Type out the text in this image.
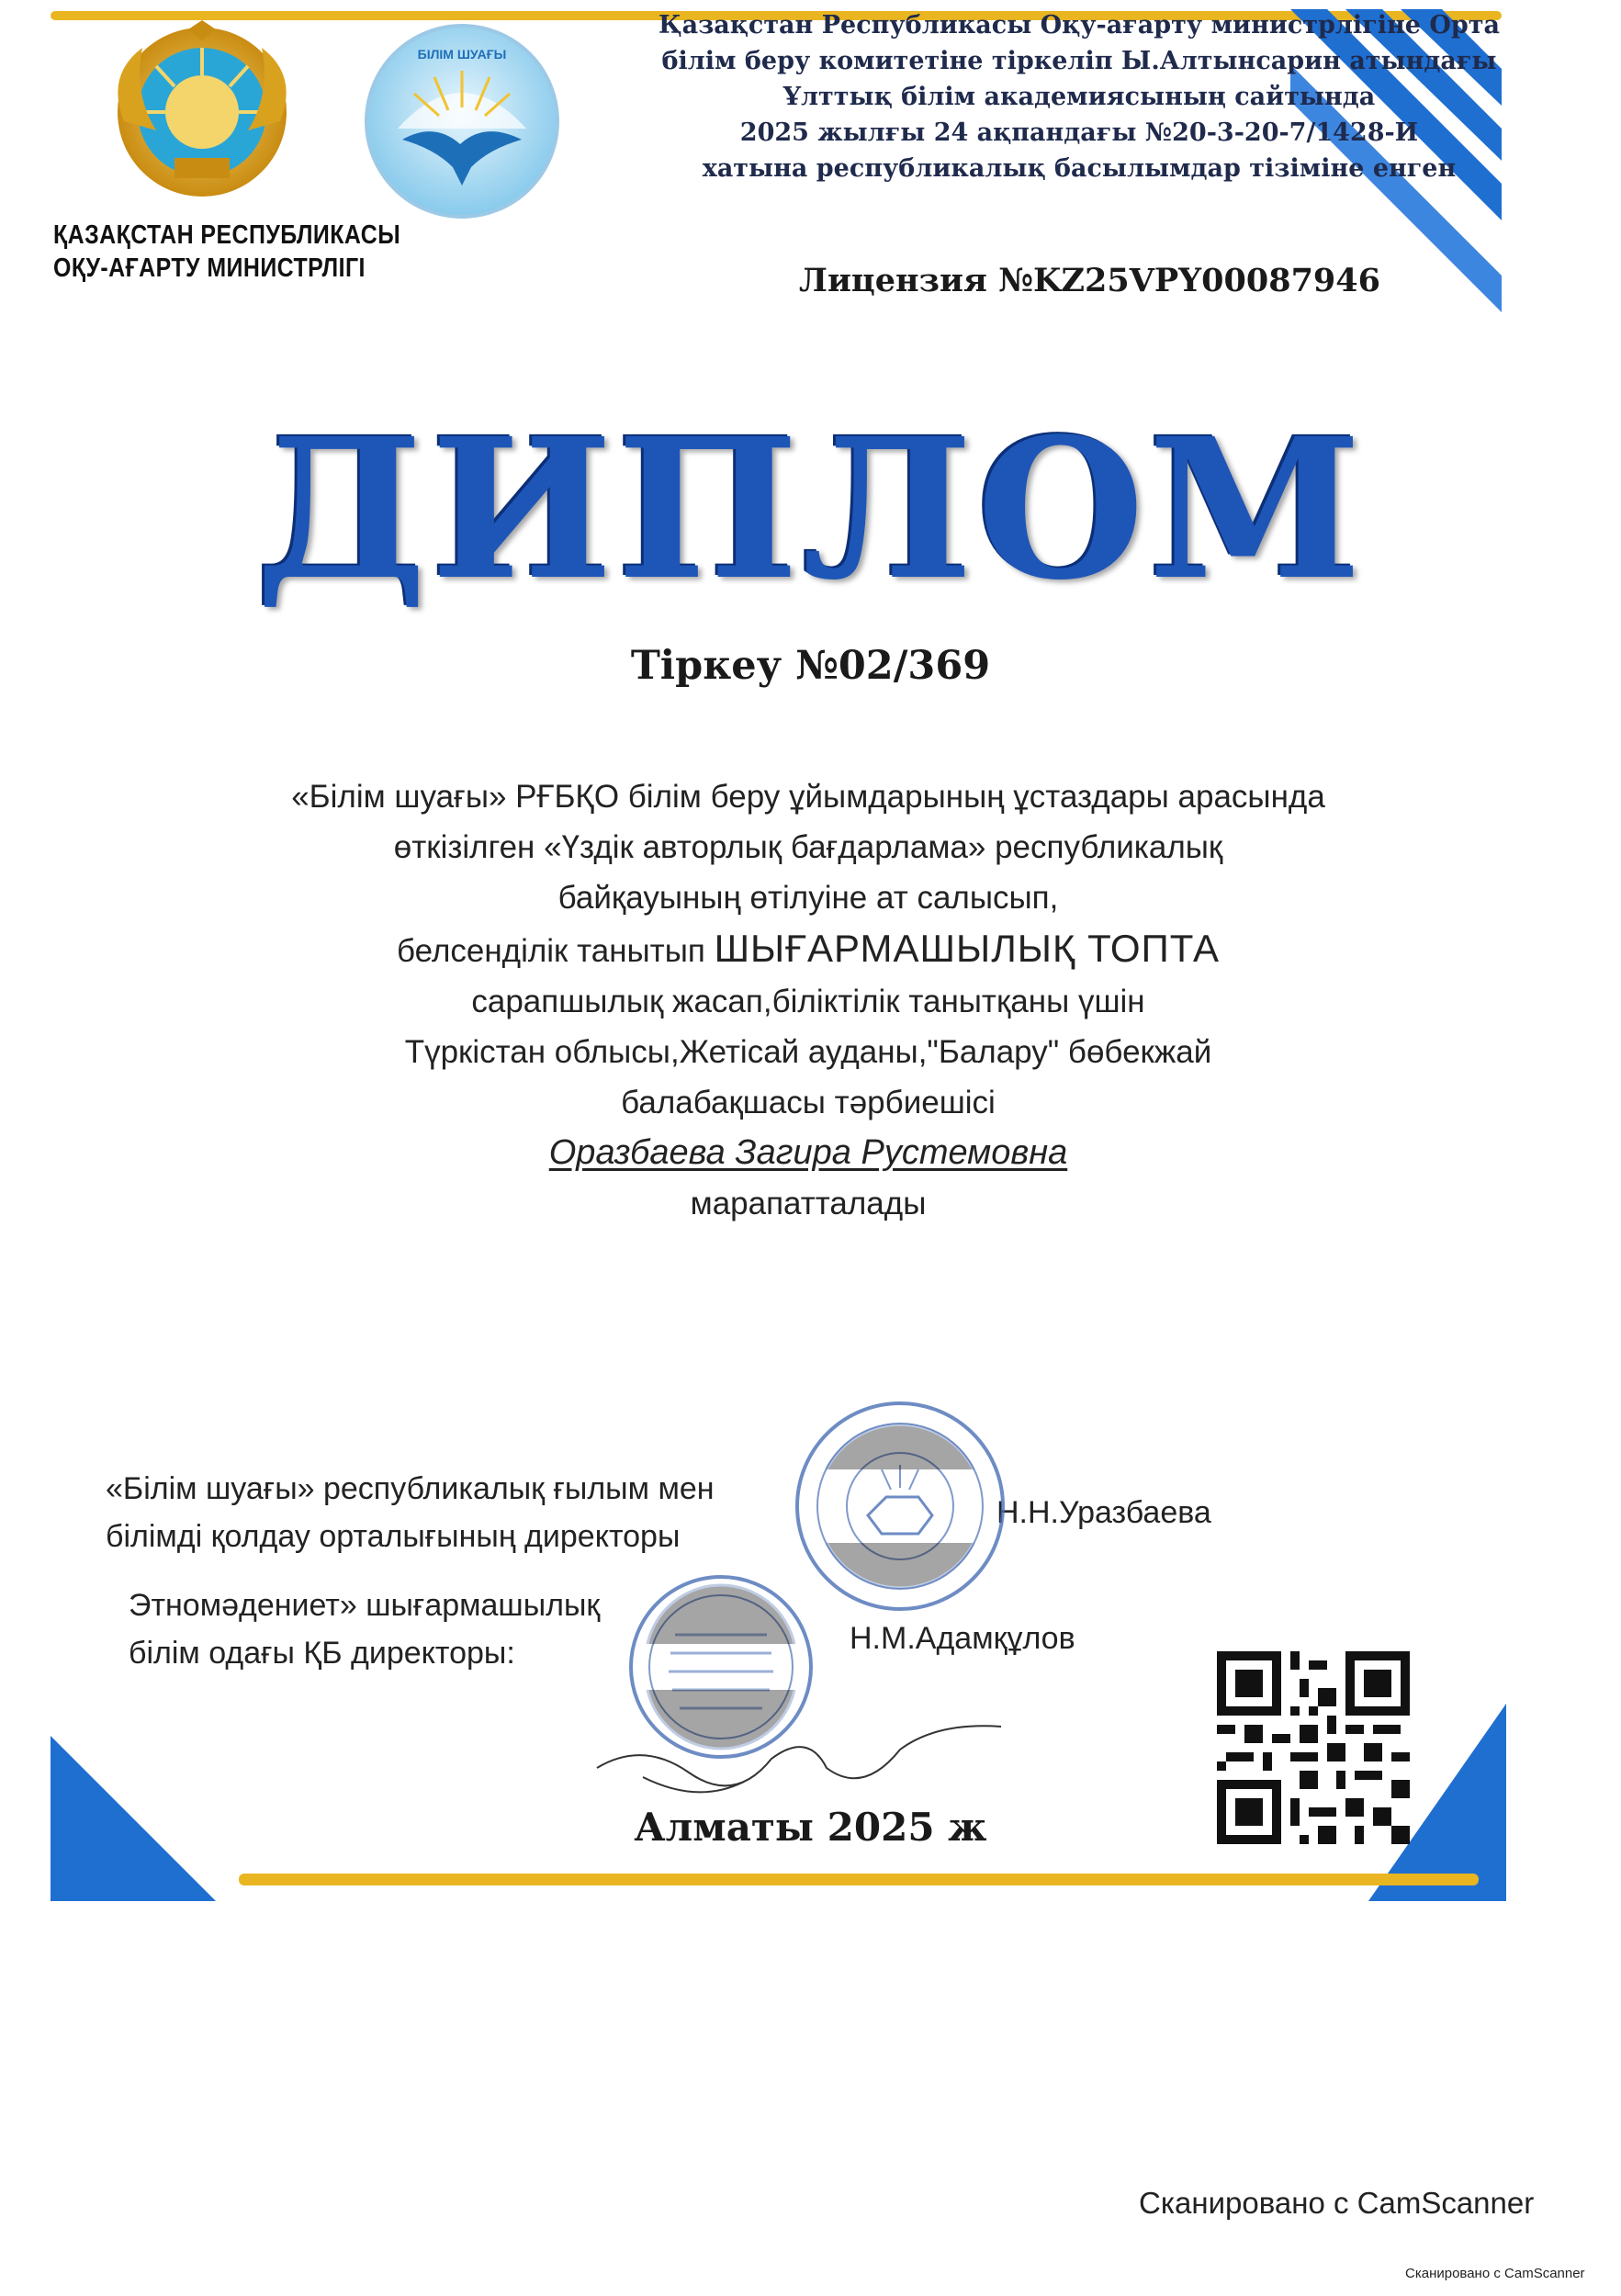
ҚАЗАҚСТАН РЕСПУБЛИКАСЫ
ОҚУ-АҒАРТУ МИНИСТРЛІГІ
БІЛІМ ШУАҒЫ
Қазақстан Республикасы Оқу-ағарту министрлігіне Орта
білім беру комитетіне тіркеліп Ы.Алтынсарин атындағы
Ұлттық білім академиясының сайтында
2025 жылғы 24 ақпандағы №20-3-20-7/1428-И
хатына республикалық басылымдар тізіміне енген
Лицензия №KZ25VPY00087946
ДИПЛОМ
Тіркеу №02/369
«Білім шуағы» РҒБҚО білім беру ұйымдарының ұстаздары арасында
өткізілген «Үздік авторлық бағдарлама» республикалық
байқауының өтілуіне ат салысып,
белсенділік танытып ШЫҒАРМАШЫЛЫҚ ТОПТА
сарапшылық жасап,біліктілік танытқаны үшін
Түркістан облысы,Жетісай ауданы,"Балару" бөбекжай
балабақшасы тәрбиешісі
Оразбаева Загира Рустемовна
марапатталады
«Білім шуағы» республикалық ғылым мен
білімді қолдау орталығының директоры
Н.Н.Уразбаева
Этномәдениет» шығармашылық
білім одағы ҚБ директоры:	Н.М.Адамқұлов
Алматы 2025 ж
Сканировано с CamScanner
Сканировано с CamScanner
